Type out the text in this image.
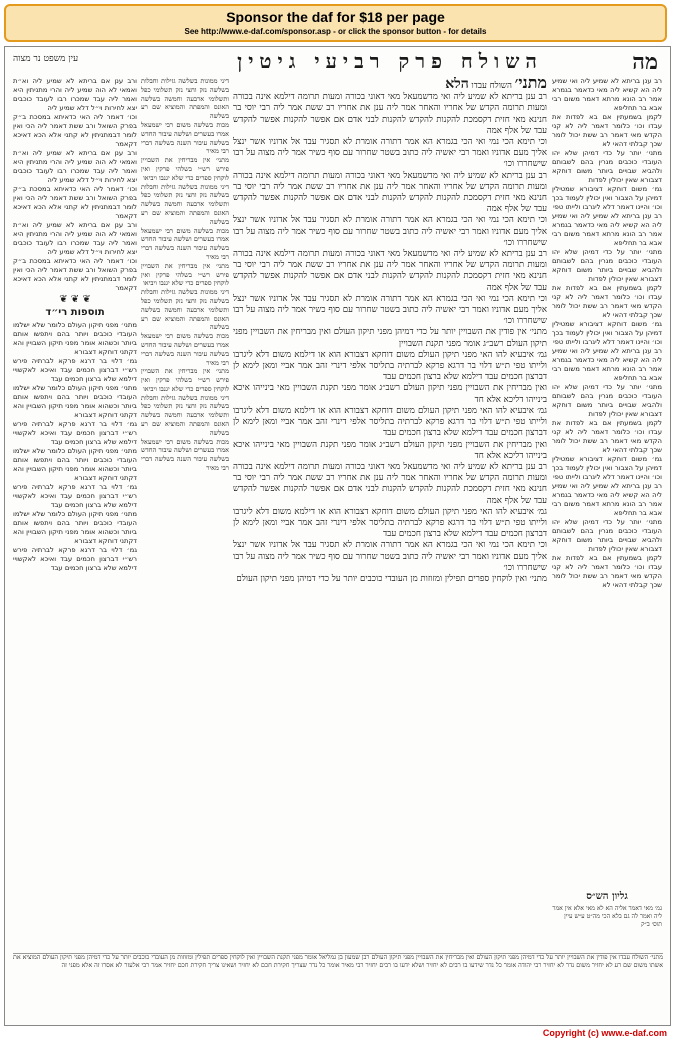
Sponsor the daf for $18 per page
See http://www.e-daf.com/sponsor.asp - or click the sponsor button - for details
מה
השולח פרק רביעי גיטין
עין משפט נר מצוה

רב ענן בריתא לא שמיע ליה ואי שמיע ליה הא קשיא ליה מאי כדאמר בגמרא אמר רב הונא מרתא דאמר משום רבי אבא בר תחליפא

לקמן בשמעתין אם בא לפדות את עבדו וכו׳ כלומר דאמר ליה לא קני הקדש מאי דאמר רב ששת יכול לומר שכך קבלתי דהאי לא

מתני׳ יותר על כדי דמיהן שלא יהו העובדי כוכבים מגרין בהם לשבותם ולהביא שבויים ביותר משום דוחקא דצבורא שאין יכולין לפדות

גמ׳ משום דוחקא דציבורא שמטילין דמיהן על הצבור ואין יכולין לעמוד בכך וכו׳ והיינו דאמר דלא ליגרבו ולייתו טפי

רב ענן בריתא לא שמיע ליה ואי שמיע ליה הא קשיא ליה מאי כדאמר בגמרא אמר רב הונא מרתא דאמר משום רבי אבא בר תחליפא

מתני׳ יותר על כדי דמיהן שלא יהו העובדי כוכבים מגרין בהם לשבותם ולהביא שבויים ביותר משום דוחקא דצבורא שאין יכולין לפדות

לקמן בשמעתין אם בא לפדות את עבדו וכו׳ כלומר דאמר ליה לא קני הקדש מאי דאמר רב ששת יכול לומר שכך קבלתי דהאי לא

גמ׳ משום דוחקא דציבורא שמטילין דמיהן על הצבור ואין יכולין לעמוד בכך וכו׳ והיינו דאמר דלא ליגרבו ולייתו טפי

רב ענן בריתא לא שמיע ליה ואי שמיע ליה הא קשיא ליה מאי כדאמר בגמרא אמר רב הונא מרתא דאמר משום רבי אבא בר תחליפא

מתני׳ יותר על כדי דמיהן שלא יהו העובדי כוכבים מגרין בהם לשבותם ולהביא שבויים ביותר משום דוחקא דצבורא שאין יכולין לפדות

לקמן בשמעתין אם בא לפדות את עבדו וכו׳ כלומר דאמר ליה לא קני הקדש מאי דאמר רב ששת יכול לומר שכך קבלתי דהאי לא

גמ׳ משום דוחקא דציבורא שמטילין דמיהן על הצבור ואין יכולין לעמוד בכך וכו׳ והיינו דאמר דלא ליגרבו ולייתו טפי

רב ענן בריתא לא שמיע ליה ואי שמיע ליה הא קשיא ליה מאי כדאמר בגמרא אמר רב הונא מרתא דאמר משום רבי אבא בר תחליפא

מתני׳ יותר על כדי דמיהן שלא יהו העובדי כוכבים מגרין בהם לשבותם ולהביא שבויים ביותר משום דוחקא דצבורא שאין יכולין לפדות

לקמן בשמעתין אם בא לפדות את עבדו וכו׳ כלומר דאמר ליה לא קני הקדש מאי דאמר רב ששת יכול לומר שכך קבלתי דהאי לא

מתני׳ השולח עבדו הלא

רב ענן בריתא לא שמיע ליה ואי מדשמעאל מאי דאוני בכורה ומעות תרומה דילמא אינה בכורה ומעות תרומה הקדש של אחריו והאחר אמר ליה ענן את אחריו רב ששת אמר ליה רבי יוסי בר חנינא מאי חזית דקסמכת להקנות להקדש להקנות לבני אדם אם אפשר להקנות אפשר להקדש עבד של אלף אמה

וכי תימא הכי נמי ואי הכי בגמרא הא אמר דתורה אומרת לא תסגיר עבד אל אדוניו אשר ינצל אליך מעם אדוניו ואמר רבי יאשיה ליה כתוב בשטר שחרור עם סוף כשיר אמר ליה מצוה על רבו שישחררו וכו׳

רב ענן בריתא לא שמיע ליה ואי מדשמעאל מאי דאוני בכורה ומעות תרומה דילמא אינה בכורה ומעות תרומה הקדש של אחריו והאחר אמר ליה ענן את אחריו רב ששת אמר ליה רבי יוסי בר חנינא מאי חזית דקסמכת להקנות להקדש להקנות לבני אדם אם אפשר להקנות אפשר להקדש עבד של אלף אמה

וכי תימא הכי נמי ואי הכי בגמרא הא אמר דתורה אומרת לא תסגיר עבד אל אדוניו אשר ינצל אליך מעם אדוניו ואמר רבי יאשיה ליה כתוב בשטר שחרור עם סוף כשיר אמר ליה מצוה על רבו שישחררו וכו׳

רב ענן בריתא לא שמיע ליה ואי מדשמעאל מאי דאוני בכורה ומעות תרומה דילמא אינה בכורה ומעות תרומה הקדש של אחריו והאחר אמר ליה ענן את אחריו רב ששת אמר ליה רבי יוסי בר חנינא מאי חזית דקסמכת להקנות להקדש להקנות לבני אדם אם אפשר להקנות אפשר להקדש עבד של אלף אמה

וכי תימא הכי נמי ואי הכי בגמרא הא אמר דתורה אומרת לא תסגיר עבד אל אדוניו אשר ינצל אליך מעם אדוניו ואמר רבי יאשיה ליה כתוב בשטר שחרור עם סוף כשיר אמר ליה מצוה על רבו שישחררו וכו׳

מתני׳ אין פודין את השבויין יותר על כדי דמיהן מפני תיקון העולם ואין מבריחין את השבויין מפני תיקון העולם רשב״ג אומר מפני תקנת השבויין

גמ׳ איבעיא להו האי מפני תיקון העולם משום דוחקא דצבורא הוא או דילמא משום דלא ליגרבו ולייתו טפי ת״ש דלוי בר דרגא פרקא לברתיה בתליסר אלפי דינרי זהב אמר אביי ומאן לימא לן דברצון חכמים עבד דילמא שלא ברצון חכמים עבד

ואין מבריחין את השבויין מפני תיקון העולם רשב״ג אומר מפני תקנת השבויין מאי בינייהו איכא בינייהו דליכא אלא חד

גמ׳ איבעיא להו האי מפני תיקון העולם משום דוחקא דצבורא הוא או דילמא משום דלא ליגרבו ולייתו טפי ת״ש דלוי בר דרגא פרקא לברתיה בתליסר אלפי דינרי זהב אמר אביי ומאן לימא לן דברצון חכמים עבד דילמא שלא ברצון חכמים עבד

ואין מבריחין את השבויין מפני תיקון העולם רשב״ג אומר מפני תקנת השבויין מאי בינייהו איכא בינייהו דליכא אלא חד

רב ענן בריתא לא שמיע ליה ואי מדשמעאל מאי דאוני בכורה ומעות תרומה דילמא אינה בכורה ומעות תרומה הקדש של אחריו והאחר אמר ליה ענן את אחריו רב ששת אמר ליה רבי יוסי בר חנינא מאי חזית דקסמכת להקנות להקדש להקנות לבני אדם אם אפשר להקנות אפשר להקדש עבד של אלף אמה

גמ׳ איבעיא להו האי מפני תיקון העולם משום דוחקא דצבורא הוא או דילמא משום דלא ליגרבו ולייתו טפי ת״ש דלוי בר דרגא פרקא לברתיה בתליסר אלפי דינרי זהב אמר אביי ומאן לימא לן דברצון חכמים עבד דילמא שלא ברצון חכמים עבד

וכי תימא הכי נמי ואי הכי בגמרא הא אמר דתורה אומרת לא תסגיר עבד אל אדוניו אשר ינצל אליך מעם אדוניו ואמר רבי יאשיה ליה כתוב בשטר שחרור עם סוף כשיר אמר ליה מצוה על רבו שישחררו וכו׳

מתני׳ ואין לוקחין ספרים תפילין ומזוזות מן העובדי כוכבים יותר על כדי דמיהן מפני תיקון העולם

דיני ממונות בשלשה גזילות וחבלות בשלשה נזק וחצי נזק תשלומי כפל ותשלומי ארבעה וחמשה בשלשה האונס והמפתה והמוציא שם רע בשלשה

מכות בשלשה משום רבי ישמעאל אמרו בעשרים ושלשה עיבור החדש בשלשה עיבור השנה בשלשה דברי רבי מאיר

מתני׳ אין מבריחין את השבויין פירש רש״י בשלהי פרקין ואין לוקחין ספרים כדי שלא יגנבו ויביאו

דיני ממונות בשלשה גזילות וחבלות בשלשה נזק וחצי נזק תשלומי כפל ותשלומי ארבעה וחמשה בשלשה האונס והמפתה והמוציא שם רע בשלשה

מכות בשלשה משום רבי ישמעאל אמרו בעשרים ושלשה עיבור החדש בשלשה עיבור השנה בשלשה דברי רבי מאיר

מתני׳ אין מבריחין את השבויין פירש רש״י בשלהי פרקין ואין לוקחין ספרים כדי שלא יגנבו ויביאו

דיני ממונות בשלשה גזילות וחבלות בשלשה נזק וחצי נזק תשלומי כפל ותשלומי ארבעה וחמשה בשלשה האונס והמפתה והמוציא שם רע בשלשה

מכות בשלשה משום רבי ישמעאל אמרו בעשרים ושלשה עיבור החדש בשלשה עיבור השנה בשלשה דברי רבי מאיר

מתני׳ אין מבריחין את השבויין פירש רש״י בשלהי פרקין ואין לוקחין ספרים כדי שלא יגנבו ויביאו

דיני ממונות בשלשה גזילות וחבלות בשלשה נזק וחצי נזק תשלומי כפל ותשלומי ארבעה וחמשה בשלשה האונס והמפתה והמוציא שם רע בשלשה

מכות בשלשה משום רבי ישמעאל אמרו בעשרים ושלשה עיבור החדש בשלשה עיבור השנה בשלשה דברי רבי מאיר

ורב ענן אם בריתא לא שמיע ליה וא״ת ואמאי לא הוה שמיע ליה והרי מתניתין היא ואמר ליה עבד שמכרו רבו לעובד כוכבים יצא לחירות וי״ל דלא שמיע ליה

וכו׳ דאמר ליה האי כדאיתא במסכת ב״ק בפרק השואל ורב ששת דאמר ליה הכי ואין לומר דבמתניתין לא קתני אלא הכא דאיכא דקאמר

ורב ענן אם בריתא לא שמיע ליה וא״ת ואמאי לא הוה שמיע ליה והרי מתניתין היא ואמר ליה עבד שמכרו רבו לעובד כוכבים יצא לחירות וי״ל דלא שמיע ליה

וכו׳ דאמר ליה האי כדאיתא במסכת ב״ק בפרק השואל ורב ששת דאמר ליה הכי ואין לומר דבמתניתין לא קתני אלא הכא דאיכא דקאמר

ורב ענן אם בריתא לא שמיע ליה וא״ת ואמאי לא הוה שמיע ליה והרי מתניתין היא ואמר ליה עבד שמכרו רבו לעובד כוכבים יצא לחירות וי״ל דלא שמיע ליה

וכו׳ דאמר ליה האי כדאיתא במסכת ב״ק בפרק השואל ורב ששת דאמר ליה הכי ואין לומר דבמתניתין לא קתני אלא הכא דאיכא דקאמר

❦ ❦ ❦
תוספות רי״ד

מתני׳ מפני תיקון העולם כלומר שלא ישלמו העובדי כוכבים ויותר בהם ויתפשו אותם ביותר וכשהוא אומר מפני תיקון השבויין והא דקתני דוחקא דצבורא

גמ׳ דלוי בר דרגא פרקא לברתיה פירש רש״י דברצון חכמים עבד ואיכא לאקשויי דילמא שלא ברצון חכמים עבד

מתני׳ מפני תיקון העולם כלומר שלא ישלמו העובדי כוכבים ויותר בהם ויתפשו אותם ביותר וכשהוא אומר מפני תיקון השבויין והא דקתני דוחקא דצבורא

גמ׳ דלוי בר דרגא פרקא לברתיה פירש רש״י דברצון חכמים עבד ואיכא לאקשויי דילמא שלא ברצון חכמים עבד

מתני׳ מפני תיקון העולם כלומר שלא ישלמו העובדי כוכבים ויותר בהם ויתפשו אותם ביותר וכשהוא אומר מפני תיקון השבויין והא דקתני דוחקא דצבורא

גמ׳ דלוי בר דרגא פרקא לברתיה פירש רש״י דברצון חכמים עבד ואיכא לאקשויי דילמא שלא ברצון חכמים עבד

מתני׳ מפני תיקון העולם כלומר שלא ישלמו העובדי כוכבים ויותר בהם ויתפשו אותם ביותר וכשהוא אומר מפני תיקון השבויין והא דקתני דוחקא דצבורא

גמ׳ דלוי בר דרגא פרקא לברתיה פירש רש״י דברצון חכמים עבד ואיכא לאקשויי דילמא שלא ברצון חכמים עבד

גליון הש״ס
גמ׳ מאי דאמר אליה הא לא מאי אלא אין אמר ליה ואמר לה גם בלא הכי מה״ט ע״ש עיין תוס׳ ב״ק
מתני׳ השולח עבדו אין פודין את השבויין יותר על כדי דמיהן מפני תיקון העולם ואין מבריחין את השבויין מפני תיקון העולם רבן שמעון בן גמליאל אומר מפני תקנת השבויין ואין לוקחין ספרים תפילין ומזוזות מן העובדי כוכבים יותר על כדי דמיהן מפני תיקון העולם המוציא את אשתו משום שם רע לא יחזיר משום נדר לא יחזיר רבי יהודה אומר כל נדר שידעו בו רבים לא יחזיר ושלא ידעו בו רבים יחזיר רבי מאיר אומר כל נדר שצריך חקירת חכם לא יחזיר ושאינו צריך חקירת חכם יחזיר אמר רבי אלעזר לא אסרו זה אלא מפני זה
Copyright (c) www.e-daf.com
